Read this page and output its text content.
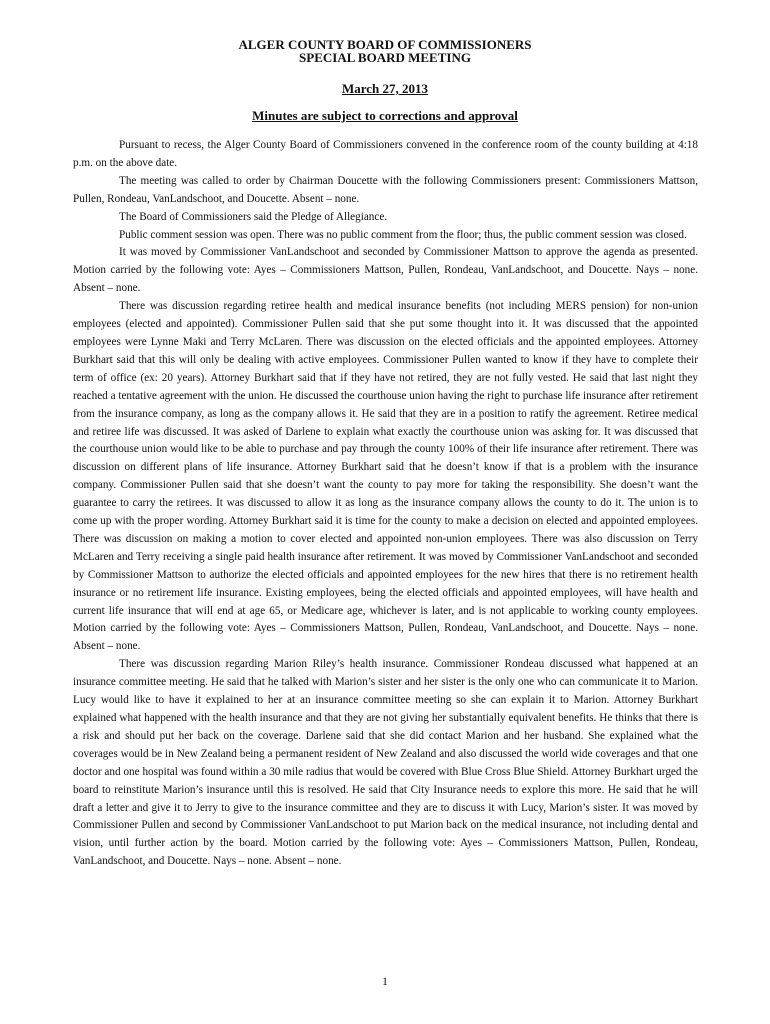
ALGER COUNTY BOARD OF COMMISSIONERS
SPECIAL BOARD MEETING
March 27, 2013
Minutes are subject to corrections and approval

Pursuant to recess, the Alger County Board of Commissioners convened in the conference room of the county building at 4:18 p.m. on the above date.

The meeting was called to order by Chairman Doucette with the following Commissioners present: Commissioners Mattson, Pullen, Rondeau, VanLandschoot, and Doucette. Absent – none.

The Board of Commissioners said the Pledge of Allegiance.

Public comment session was open. There was no public comment from the floor; thus, the public comment session was closed.

It was moved by Commissioner VanLandschoot and seconded by Commissioner Mattson to approve the agenda as presented. Motion carried by the following vote: Ayes – Commissioners Mattson, Pullen, Rondeau, VanLandschoot, and Doucette. Nays – none. Absent – none.

There was discussion regarding retiree health and medical insurance benefits (not including MERS pension) for non-union employees (elected and appointed). Commissioner Pullen said that she put some thought into it. It was discussed that the appointed employees were Lynne Maki and Terry McLaren. There was discussion on the elected officials and the appointed employees. Attorney Burkhart said that this will only be dealing with active employees. Commissioner Pullen wanted to know if they have to complete their term of office (ex: 20 years). Attorney Burkhart said that if they have not retired, they are not fully vested. He said that last night they reached a tentative agreement with the union. He discussed the courthouse union having the right to purchase life insurance after retirement from the insurance company, as long as the company allows it. He said that they are in a position to ratify the agreement. Retiree medical and retiree life was discussed. It was asked of Darlene to explain what exactly the courthouse union was asking for. It was discussed that the courthouse union would like to be able to purchase and pay through the county 100% of their life insurance after retirement. There was discussion on different plans of life insurance. Attorney Burkhart said that he doesn’t know if that is a problem with the insurance company. Commissioner Pullen said that she doesn’t want the county to pay more for taking the responsibility. She doesn’t want the guarantee to carry the retirees. It was discussed to allow it as long as the insurance company allows the county to do it. The union is to come up with the proper wording. Attorney Burkhart said it is time for the county to make a decision on elected and appointed employees. There was discussion on making a motion to cover elected and appointed non-union employees. There was also discussion on Terry McLaren and Terry receiving a single paid health insurance after retirement. It was moved by Commissioner VanLandschoot and seconded by Commissioner Mattson to authorize the elected officials and appointed employees for the new hires that there is no retirement health insurance or no retirement life insurance. Existing employees, being the elected officials and appointed employees, will have health and current life insurance that will end at age 65, or Medicare age, whichever is later, and is not applicable to working county employees. Motion carried by the following vote: Ayes – Commissioners Mattson, Pullen, Rondeau, VanLandschoot, and Doucette. Nays – none. Absent – none.

There was discussion regarding Marion Riley’s health insurance. Commissioner Rondeau discussed what happened at an insurance committee meeting. He said that he talked with Marion’s sister and her sister is the only one who can communicate it to Marion. Lucy would like to have it explained to her at an insurance committee meeting so she can explain it to Marion. Attorney Burkhart explained what happened with the health insurance and that they are not giving her substantially equivalent benefits. He thinks that there is a risk and should put her back on the coverage. Darlene said that she did contact Marion and her husband. She explained what the coverages would be in New Zealand being a permanent resident of New Zealand and also discussed the world wide coverages and that one doctor and one hospital was found within a 30 mile radius that would be covered with Blue Cross Blue Shield. Attorney Burkhart urged the board to reinstitute Marion’s insurance until this is resolved. He said that City Insurance needs to explore this more. He said that he will draft a letter and give it to Jerry to give to the insurance committee and they are to discuss it with Lucy, Marion’s sister. It was moved by Commissioner Pullen and second by Commissioner VanLandschoot to put Marion back on the medical insurance, not including dental and vision, until further action by the board. Motion carried by the following vote: Ayes – Commissioners Mattson, Pullen, Rondeau, VanLandschoot, and Doucette. Nays – none. Absent – none.

1
